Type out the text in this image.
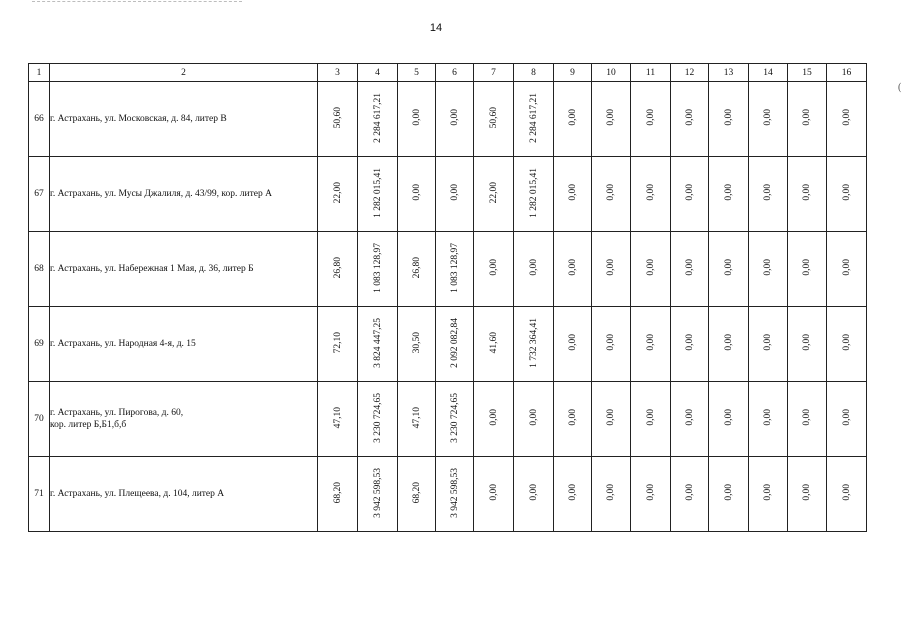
14
(
1	2	3	4	5	6	7	8	9	10	11	12	13	14	15	16
66	г. Астрахань, ул. Московская, д. 84, литер В	50,60	2 284 617,21	0,00	0,00	50,60	2 284 617,21	0,00	0,00	0,00	0,00	0,00	0,00	0,00	0,00
67	г. Астрахань, ул. Мусы Джалиля, д. 43/99, кор. литер А	22,00	1 282 015,41	0,00	0,00	22,00	1 282 015,41	0,00	0,00	0,00	0,00	0,00	0,00	0,00	0,00
68	г. Астрахань, ул. Набережная 1 Мая, д. 36, литер Б	26,80	1 083 128,97	26,80	1 083 128,97	0,00	0,00	0,00	0,00	0,00	0,00	0,00	0,00	0,00	0,00
69	г. Астрахань, ул. Народная 4-я, д. 15	72,10	3 824 447,25	30,50	2 092 082,84	41,60	1 732 364,41	0,00	0,00	0,00	0,00	0,00	0,00	0,00	0,00
70	г. Астрахань, ул. Пирогова, д. 60,
кор. литер Б,Б1,б,б	47,10	3 230 724,65	47,10	3 230 724,65	0,00	0,00	0,00	0,00	0,00	0,00	0,00	0,00	0,00	0,00
71	г. Астрахань, ул. Плещеева, д. 104, литер А	68,20	3 942 598,53	68,20	3 942 598,53	0,00	0,00	0,00	0,00	0,00	0,00	0,00	0,00	0,00	0,00
